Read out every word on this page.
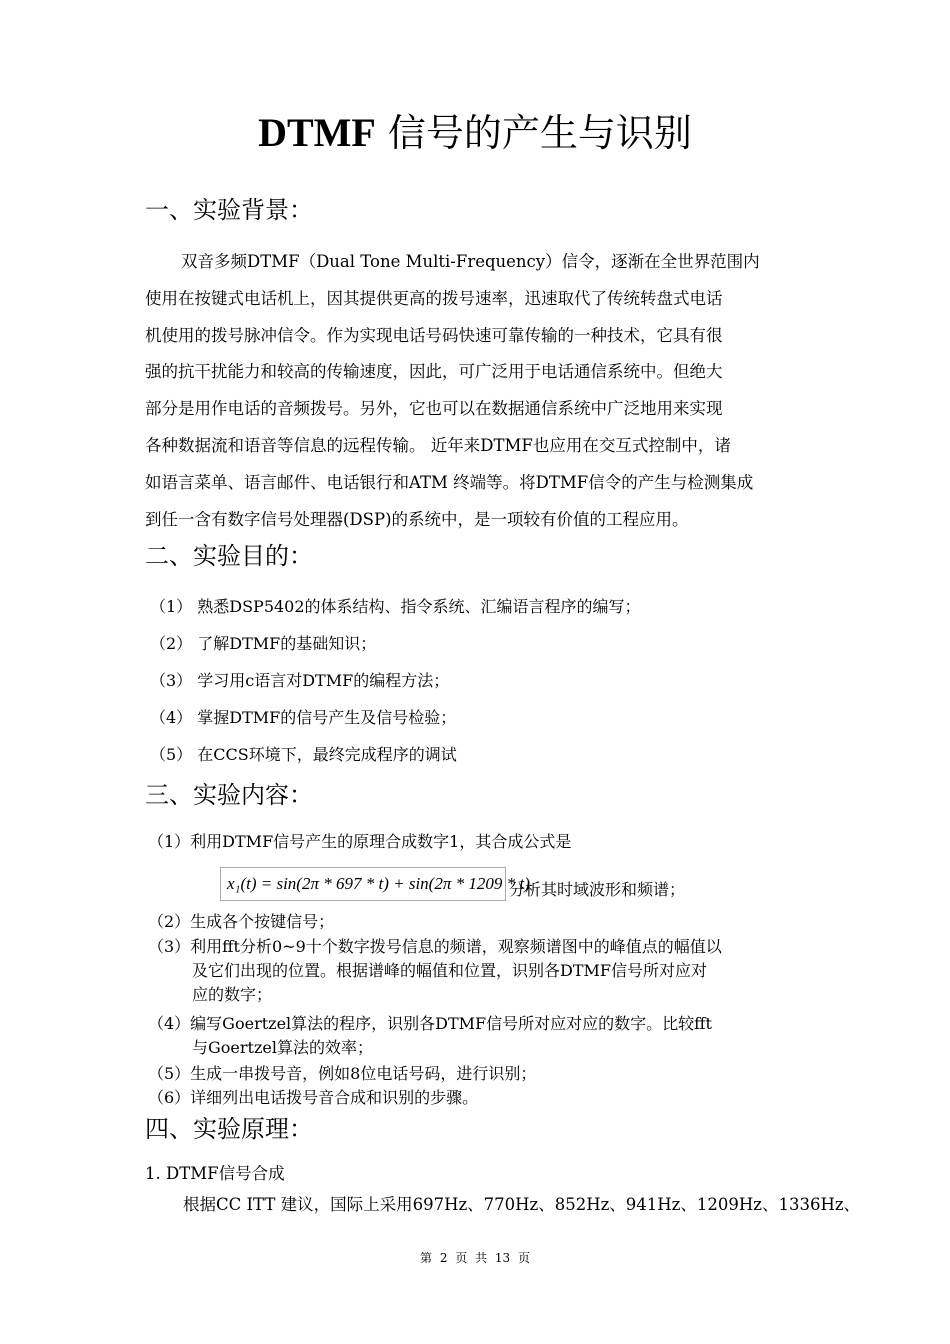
DTMF 信号的产生与识别
一、实验背景：
双音多频DTMF（Dual Tone Multi-Frequency）信令，逐渐在全世界范围内
使用在按键式电话机上，因其提供更高的拨号速率，迅速取代了传统转盘式电话
机使用的拨号脉冲信令。作为实现电话号码快速可靠传输的一种技术，它具有很
强的抗干扰能力和较高的传输速度，因此，可广泛用于电话通信系统中。但绝大
部分是用作电话的音频拨号。另外，它也可以在数据通信系统中广泛地用来实现
各种数据流和语音等信息的远程传输。 近年来DTMF也应用在交互式控制中，诸
如语言菜单、语言邮件、电话银行和ATM 终端等。将DTMF信令的产生与检测集成
到任一含有数字信号处理器(DSP)的系统中，是一项较有价值的工程应用。
二、实验目的：
（1） 熟悉DSP5402的体系结构、指令系统、汇编语言程序的编写；
（2） 了解DTMF的基础知识；
（3） 学习用c语言对DTMF的编程方法；
（4） 掌握DTMF的信号产生及信号检验；
（5） 在CCS环境下，最终完成程序的调试
三、实验内容：
（1）利用DTMF信号产生的原理合成数字1，其合成公式是
x₁(t) = sin(2π * 697 * t) + sin(2π * 1209 * t)
分析其时域波形和频谱；
（2）生成各个按键信号；
（3）利用fft分析0~9十个数字拨号信息的频谱，观察频谱图中的峰值点的幅值以
及它们出现的位置。根据谱峰的幅值和位置，识别各DTMF信号所对应对
应的数字；
（4）编写Goertzel算法的程序，识别各DTMF信号所对应对应的数字。比较fft
与Goertzel算法的效率；
（5）生成一串拨号音，例如8位电话号码，进行识别；
（6）详细列出电话拨号音合成和识别的步骤。
四、实验原理：
1. DTMF信号合成
根据CC ITT 建议，国际上采用697Hz、770Hz、852Hz、941Hz、1209Hz、1336Hz、
第 2 页 共 13 页
